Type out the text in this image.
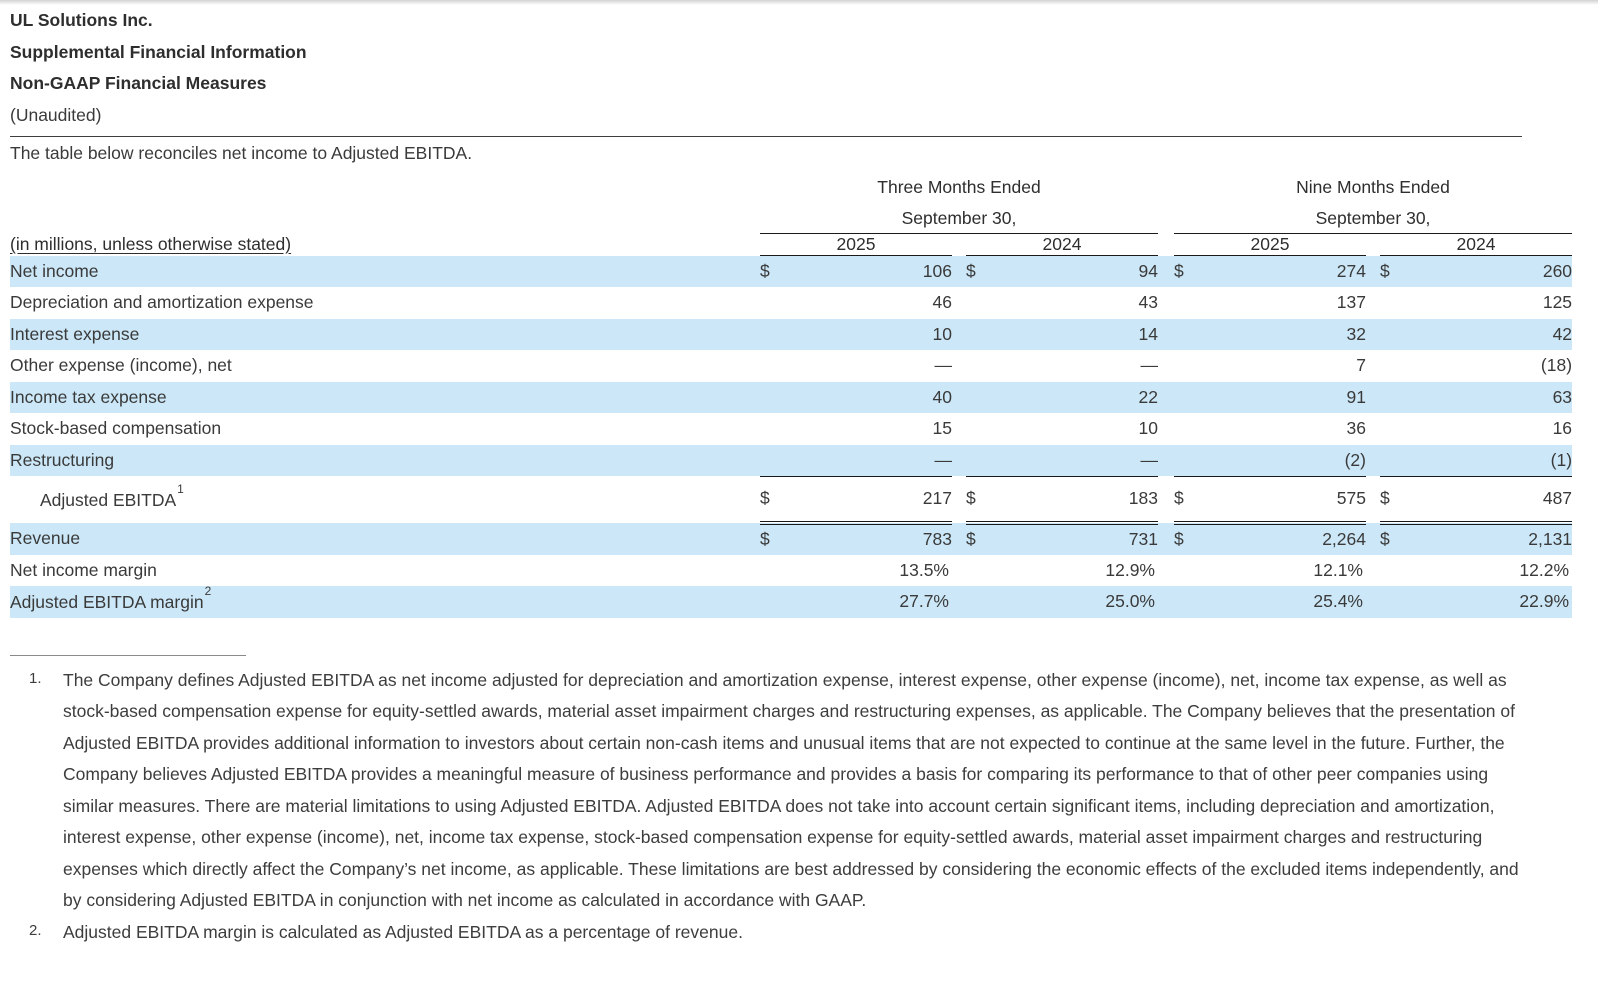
UL Solutions Inc.
Supplemental Financial Information
Non-GAAP Financial Measures
(Unaudited)
The table below reconciles net income to Adjusted EBITDA.

Three Months Ended
September 30,

Nine Months Ended
September 30,

(in millions, unless otherwise stated)	2025			2024			2025			2024	
Net income	$	106		$	94		$	274		$	260
Depreciation and amortization expense		46			43			137			125
Interest expense		10			14			32			42
Other expense (income), net		—			—			7			(18)
Income tax expense		40			22			91			63
Stock-based compensation		15			10			36			16
Restructuring		—			—			(2)			(1)
Adjusted EBITDA$^1$	$	217		$	183		$	575		$	487
Revenue	$	783		$	731		$	2,264		$	2,131
Net income margin		13.5%			12.9%			12.1%			12.2%
Adjusted EBITDA margin$^2$		27.7%			25.0%			25.4%			22.9%
1.	The Company defines Adjusted EBITDA as net income adjusted for depreciation and amortization expense, interest expense, other expense (income), net, income tax expense, as well as stock-based compensation expense for equity-settled awards, material asset impairment charges and restructuring expenses, as applicable. The Company believes that the presentation of Adjusted EBITDA provides additional information to investors about certain non-cash items and unusual items that are not expected to continue at the same level in the future. Further, the Company believes Adjusted EBITDA provides a meaningful measure of business performance and provides a basis for comparing its performance to that of other peer companies using similar measures. There are material limitations to using Adjusted EBITDA. Adjusted EBITDA does not take into account certain significant items, including depreciation and amortization, interest expense, other expense (income), net, income tax expense, stock-based compensation expense for equity-settled awards, material asset impairment charges and restructuring expenses which directly affect the Company’s net income, as applicable. These limitations are best addressed by considering the economic effects of the excluded items independently, and by considering Adjusted EBITDA in conjunction with net income as calculated in accordance with GAAP.
2.	Adjusted EBITDA margin is calculated as Adjusted EBITDA as a percentage of revenue.
